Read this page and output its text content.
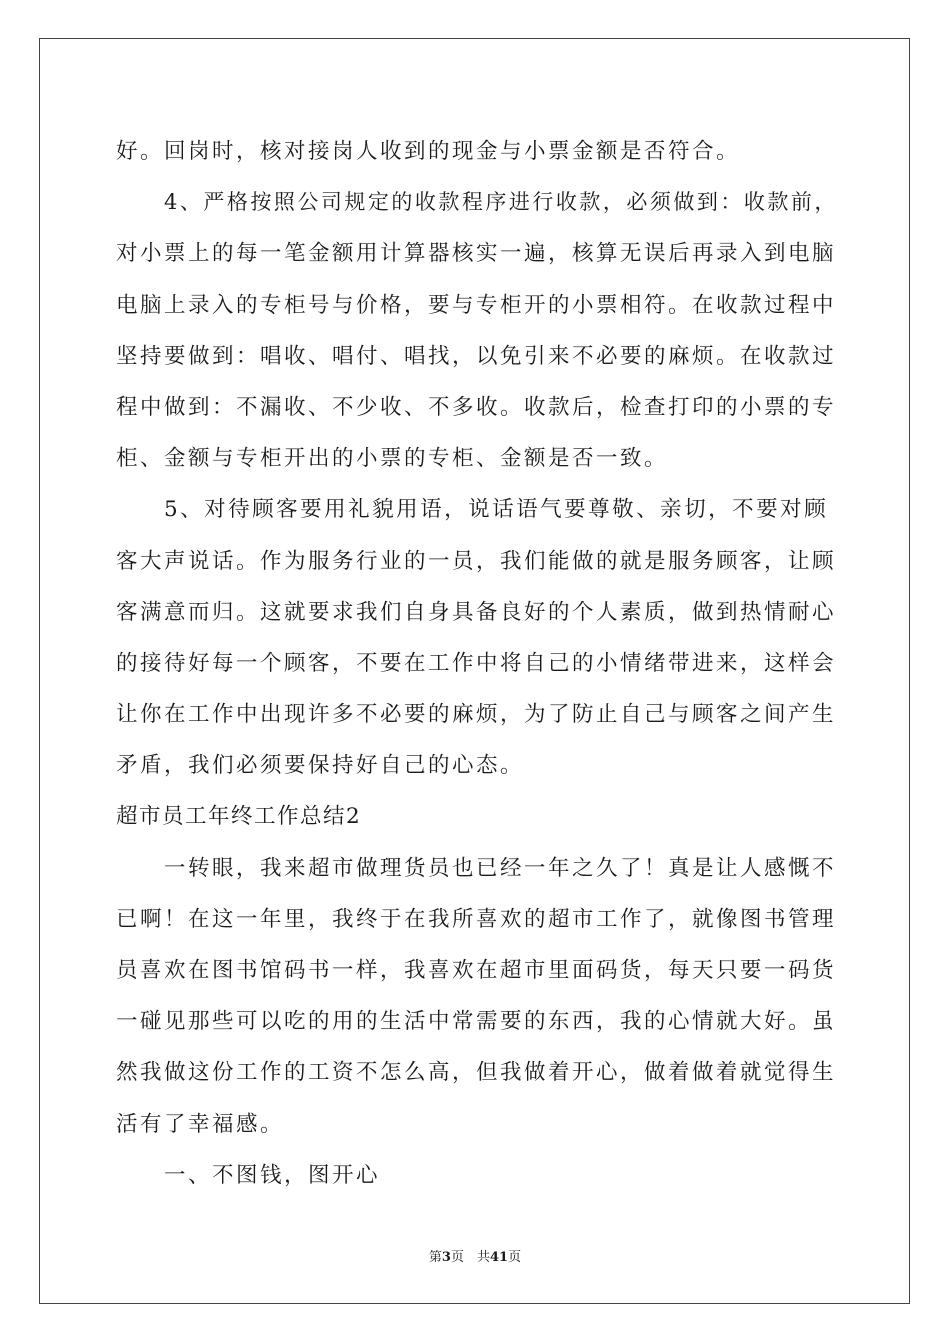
好。回岗时，核对接岗人收到的现金与小票金额是否符合。
4、严格按照公司规定的收款程序进行收款，必须做到：收款前，
对小票上的每一笔金额用计算器核实一遍，核算无误后再录入到电脑
电脑上录入的专柜号与价格，要与专柜开的小票相符。在收款过程中
坚持要做到：唱收、唱付、唱找，以免引来不必要的麻烦。在收款过
程中做到：不漏收、不少收、不多收。收款后，检查打印的小票的专
柜、金额与专柜开出的小票的专柜、金额是否一致。
5、对待顾客要用礼貌用语，说话语气要尊敬、亲切，不要对顾
客大声说话。作为服务行业的一员，我们能做的就是服务顾客，让顾
客满意而归。这就要求我们自身具备良好的个人素质，做到热情耐心
的接待好每一个顾客，不要在工作中将自己的小情绪带进来，这样会
让你在工作中出现许多不必要的麻烦，为了防止自己与顾客之间产生
矛盾，我们必须要保持好自己的心态。
超市员工年终工作总结2
一转眼，我来超市做理货员也已经一年之久了！真是让人感慨不
已啊！在这一年里，我终于在我所喜欢的超市工作了，就像图书管理
员喜欢在图书馆码书一样，我喜欢在超市里面码货，每天只要一码货
一碰见那些可以吃的用的生活中常需要的东西，我的心情就大好。虽
然我做这份工作的工资不怎么高，但我做着开心，做着做着就觉得生
活有了幸福感。
一、不图钱，图开心
第3页　共41页
